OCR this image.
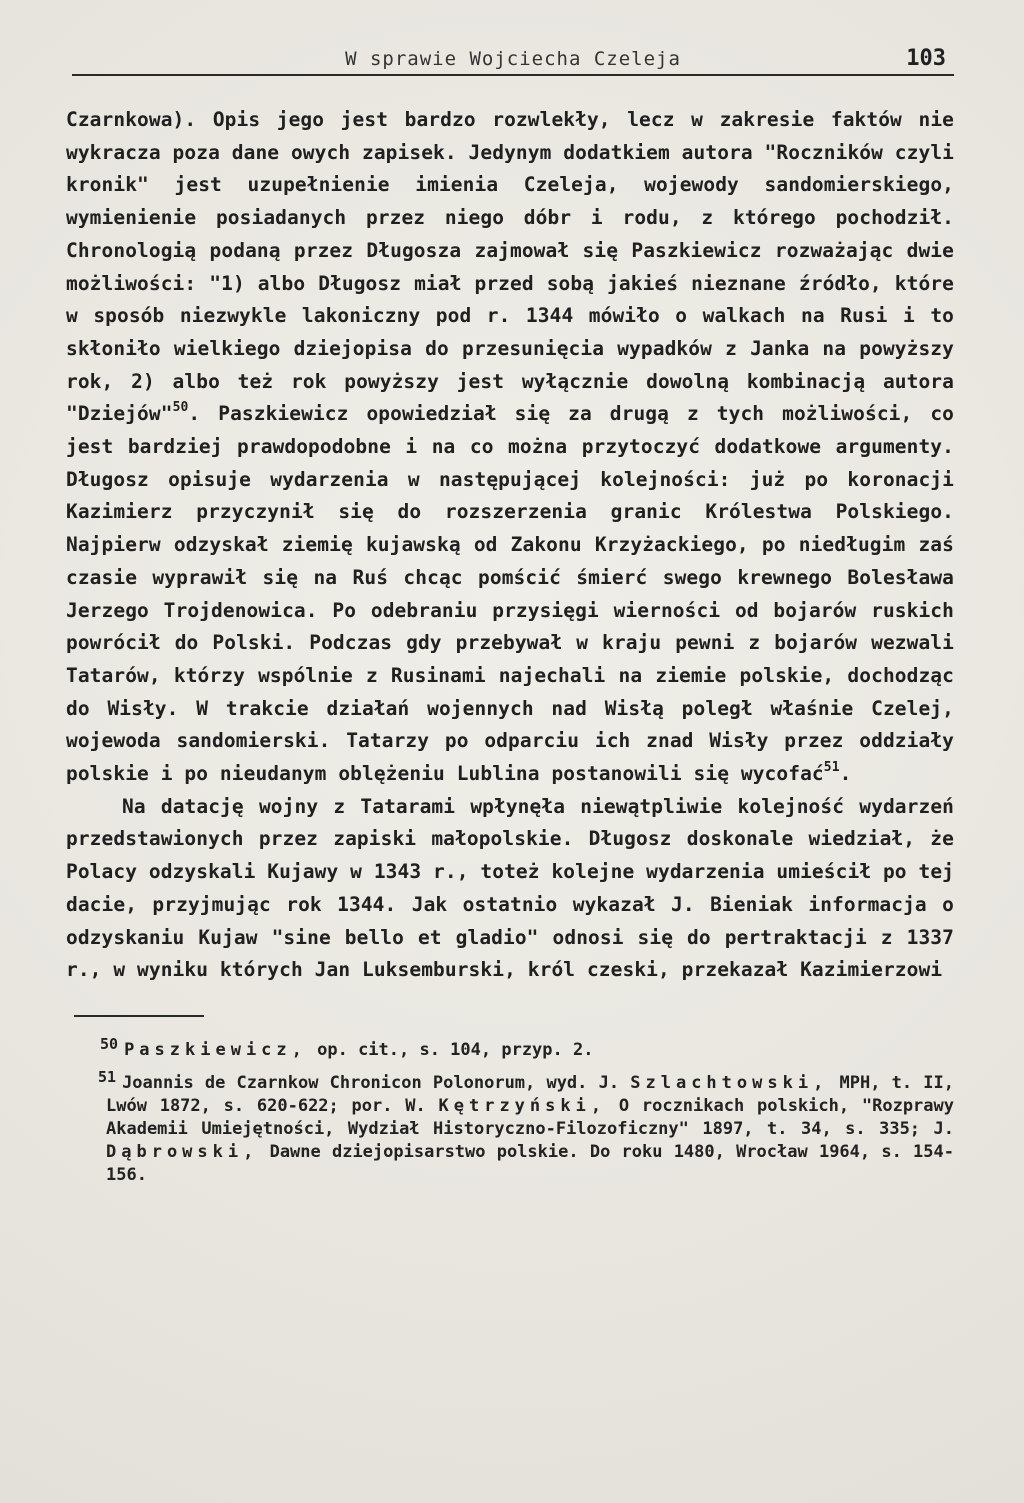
W sprawie Wojciecha Czeleja	103

Czarnkowa). Opis jego jest bardzo rozwlekły, lecz w zakresie faktów nie wykracza poza dane owych zapisek. Jedynym dodatkiem autora "Roczników czyli kronik" jest uzupełnienie imienia Czeleja, wojewody sandomierskiego, wymienienie posiadanych przez niego dóbr i rodu, z którego pochodził. Chronologią podaną przez Długosza zajmował się Paszkiewicz rozważając dwie możliwości: "1) albo Długosz miał przed sobą jakieś nieznane źródło, które w sposób niezwykle lakoniczny pod r. 1344 mówiło o walkach na Rusi i to skłoniło wielkiego dziejopisa do przesunięcia wypadków z Janka na powyższy rok, 2) albo też rok powyższy jest wyłącznie dowolną kombinacją autora "Dziejów"$^{50}$. Paszkiewicz opowiedział się za drugą z tych możliwości, co jest bardziej prawdopodobne i na co można przytoczyć dodatkowe argumenty. Długosz opisuje wydarzenia w następującej kolejności: już po koronacji Kazimierz przyczynił się do rozszerzenia granic Królestwa Polskiego. Najpierw odzyskał ziemię kujawską od Zakonu Krzyżackiego, po niedługim zaś czasie wyprawił się na Ruś chcąc pomścić śmierć swego krewnego Bolesława Jerzego Trojdenowica. Po odebraniu przysięgi wierności od bojarów ruskich powrócił do Polski. Podczas gdy przebywał w kraju pewni z bojarów wezwali Tatarów, którzy wspólnie z Rusinami najechali na ziemie polskie, dochodząc do Wisły. W trakcie działań wojennych nad Wisłą poległ właśnie Czelej, wojewoda sandomierski. Tatarzy po odparciu ich znad Wisły przez oddziały polskie i po nieudanym oblężeniu Lublina postanowili się wycofać$^{51}$.

Na datację wojny z Tatarami wpłynęła niewątpliwie kolejność wydarzeń przedstawionych przez zapiski małopolskie. Długosz doskonale wiedział, że Polacy odzyskali Kujawy w 1343 r., toteż kolejne wydarzenia umieścił po tej dacie, przyjmując rok 1344. Jak ostatnio wykazał J. Bieniak informacja o odzyskaniu Kujaw "sine bello et gladio" odnosi się do pertraktacji z 1337 r., w wyniku których Jan Luksemburski, król czeski, przekazał Kazimierzowi

50 Paszkiewicz, op. cit., s. 104, przyp. 2.

51 Joannis de Czarnkow Chronicon Polonorum, wyd. J. Szlachtowski, MPH, t. II, Lwów 1872, s. 620-622; por. W. Kętrzyński, O rocznikach polskich, "Rozprawy Akademii Umiejętności, Wydział Historyczno-Filozoficzny" 1897, t. 34, s. 335; J. Dąbrowski, Dawne dziejopisarstwo polskie. Do roku 1480, Wrocław 1964, s. 154-156.
